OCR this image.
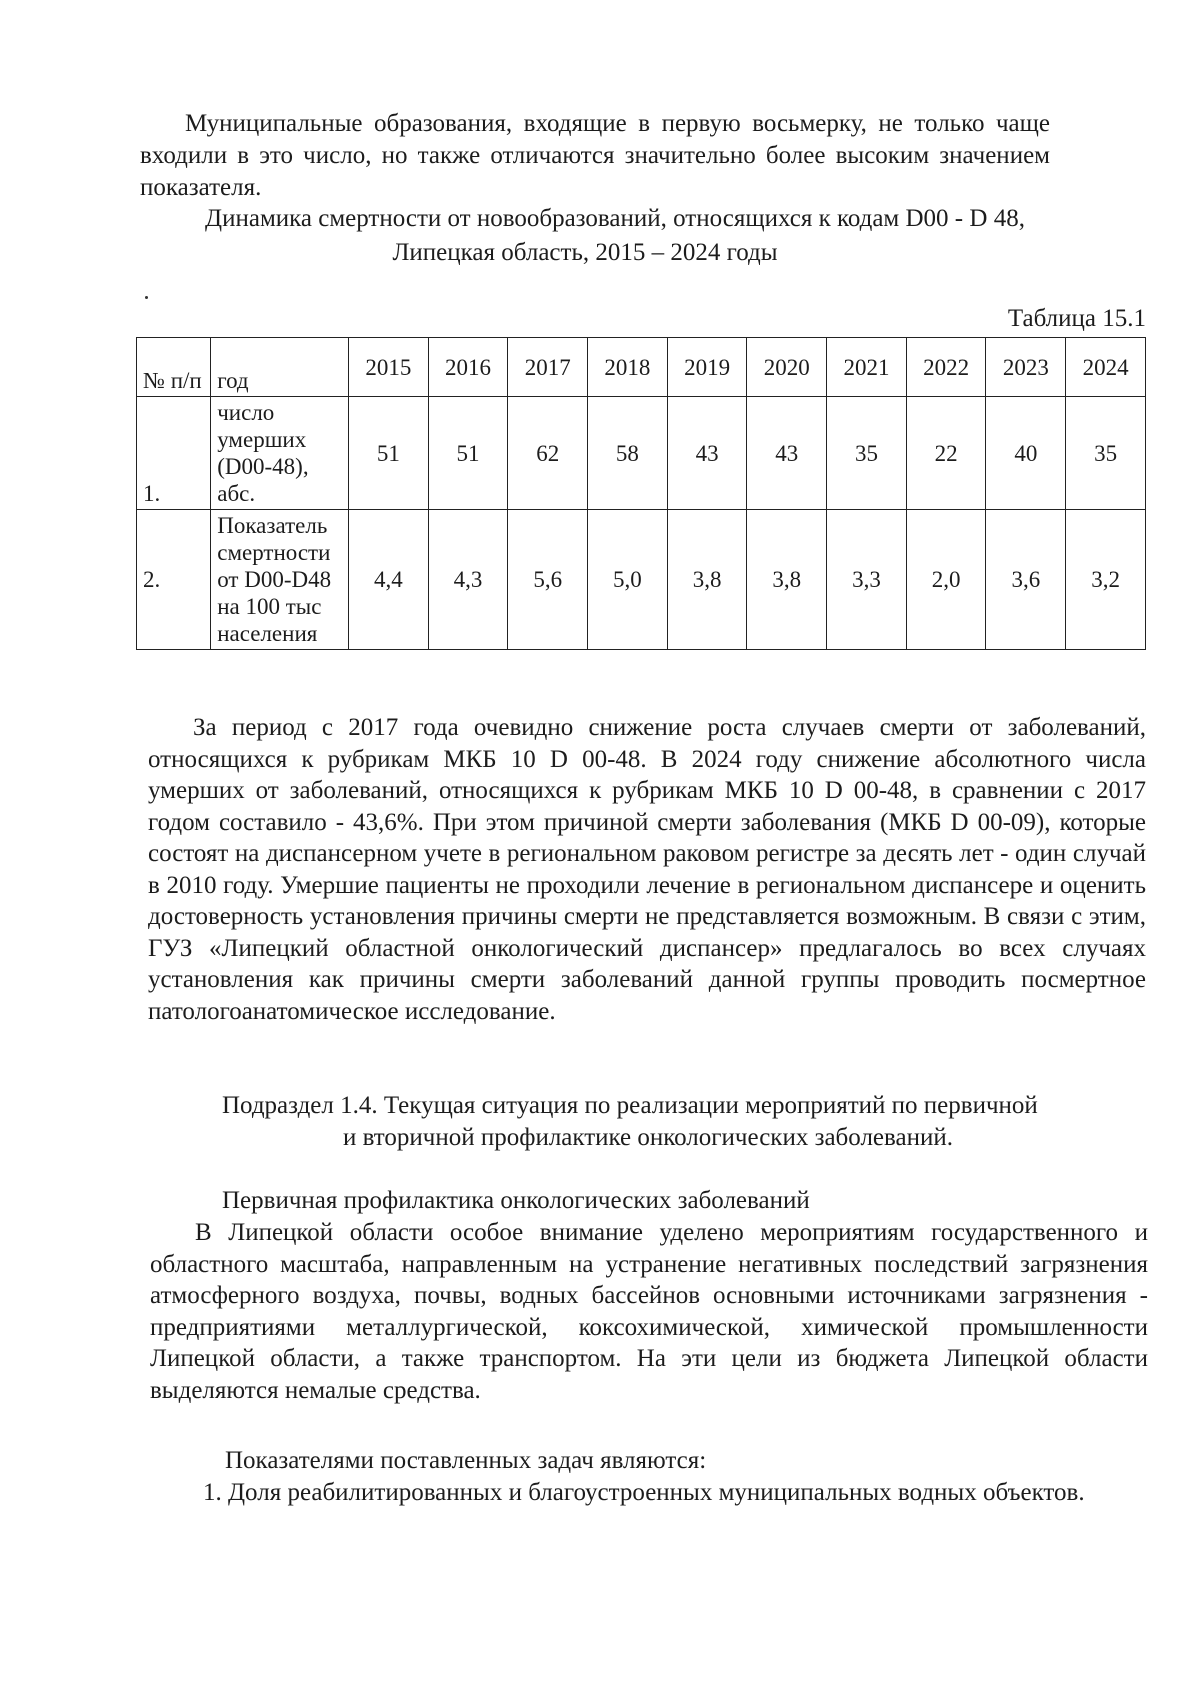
Муниципальные образования, входящие в первую восьмерку, не только чаще входили в это число, но также отличаются значительно более высоким значением показателя.
Динамика смертности от новообразований, относящихся к кодам D00 - D 48,
Липецкая область, 2015 – 2024 годы
Таблица 15.1
№ п/п	год	2015	2016	2017	2018	2019	2020	2021	2022	2023	2024
1.	число умерших (D00-48), абс.	51	51	62	58	43	43	35	22	40	35
2.	Показатель смертности от D00-D48 на 100 тыс населения	4,4	4,3	5,6	5,0	3,8	3,8	3,3	2,0	3,6	3,2
За период с 2017 года очевидно снижение роста случаев смерти от заболеваний, относящихся к рубрикам МКБ 10 D 00-48. В 2024 году снижение абсолютного числа умерших от заболеваний, относящихся к рубрикам МКБ 10 D 00-48, в сравнении с 2017 годом составило - 43,6%. При этом причиной смерти заболевания (МКБ D 00-09), которые состоят на диспансерном учете в региональном раковом регистре за десять лет - один случай в 2010 году. Умершие пациенты не проходили лечение в региональном диспансере и оценить достоверность установления причины смерти не представляется возможным. В связи с этим, ГУЗ «Липецкий областной онкологический диспансер» предлагалось во всех случаях установления как причины смерти заболеваний данной группы проводить посмертное патологоанатомическое исследование.
Подраздел 1.4. Текущая ситуация по реализации мероприятий по первичной
и вторичной профилактике онкологических заболеваний.
Первичная профилактика онкологических заболеваний
В Липецкой области особое внимание уделено мероприятиям государственного и областного масштаба, направленным на устранение негативных последствий загрязнения атмосферного воздуха, почвы, водных бассейнов основными источниками загрязнения - предприятиями металлургической, коксохимической, химической промышленности Липецкой области, а также транспортом. На эти цели из бюджета Липецкой области выделяются немалые средства.
Показателями поставленных задач являются:
1. Доля реабилитированных и благоустроенных муниципальных водных объектов.
